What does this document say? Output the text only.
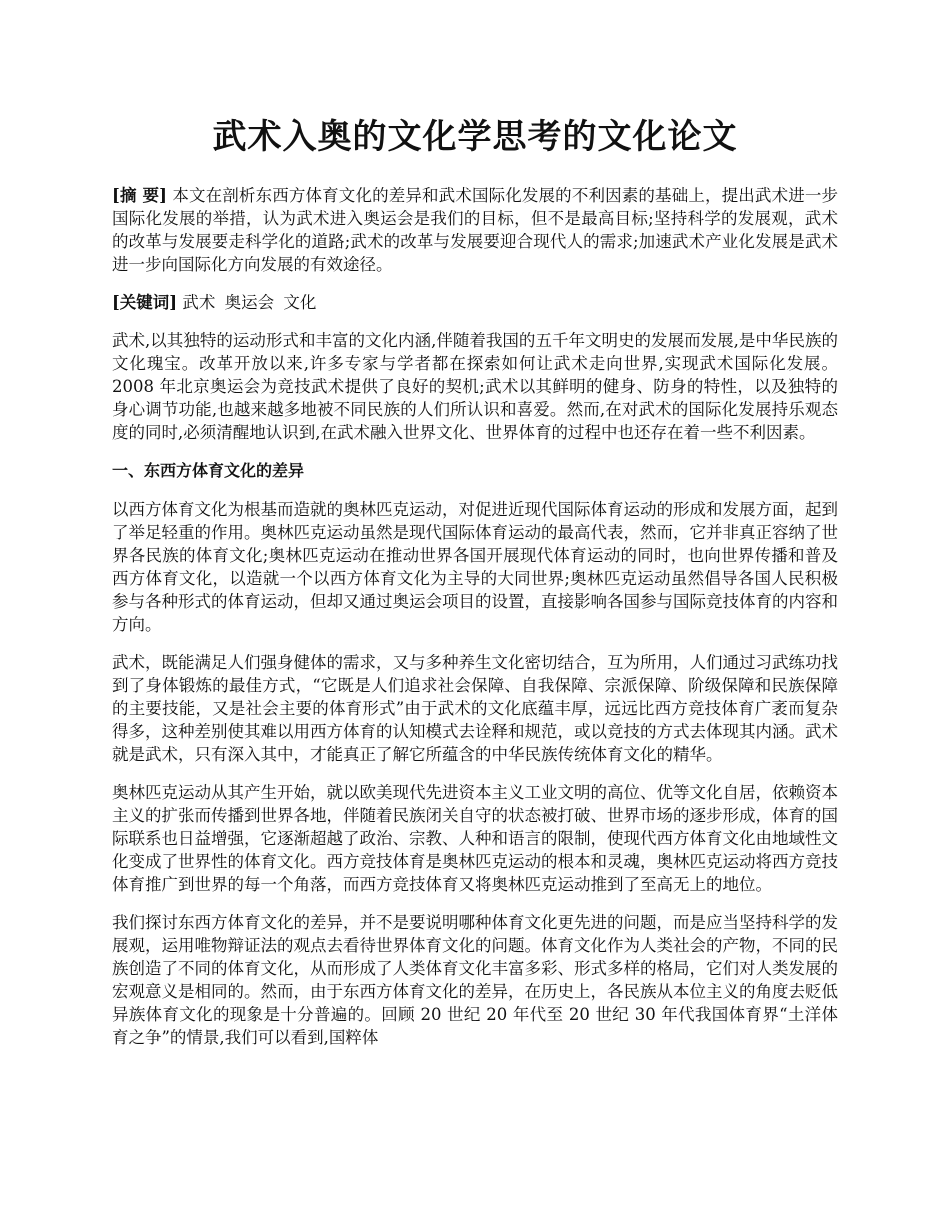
武术入奥的文化学思考的文化论文

[摘 要] 本文在剖析东西方体育文化的差异和武术国际化发展的不利因素的基础上，提出武术进一步国际化发展的举措，认为武术进入奥运会是我们的目标，但不是最高目标;坚持科学的发展观，武术的改革与发展要走科学化的道路;武术的改革与发展要迎合现代人的需求;加速武术产业化发展是武术进一步向国际化方向发展的有效途径。

[关键词] 武术 奥运会 文化

武术,以其独特的运动形式和丰富的文化内涵,伴随着我国的五千年文明史的发展而发展,是中华民族的文化瑰宝。改革开放以来,许多专家与学者都在探索如何让武术走向世界,实现武术国际化发展。2008 年北京奥运会为竞技武术提供了良好的契机;武术以其鲜明的健身、防身的特性，以及独特的身心调节功能,也越来越多地被不同民族的人们所认识和喜爱。然而,在对武术的国际化发展持乐观态度的同时,必须清醒地认识到,在武术融入世界文化、世界体育的过程中也还存在着一些不利因素。

一、东西方体育文化的差异

以西方体育文化为根基而造就的奥林匹克运动，对促进近现代国际体育运动的形成和发展方面，起到了举足轻重的作用。奥林匹克运动虽然是现代国际体育运动的最高代表，然而，它并非真正容纳了世界各民族的体育文化;奥林匹克运动在推动世界各国开展现代体育运动的同时，也向世界传播和普及西方体育文化，以造就一个以西方体育文化为主导的大同世界;奥林匹克运动虽然倡导各国人民积极参与各种形式的体育运动，但却又通过奥运会项目的设置，直接影响各国参与国际竞技体育的内容和方向。

武术，既能满足人们强身健体的需求，又与多种养生文化密切结合，互为所用，人们通过习武练功找到了身体锻炼的最佳方式，“它既是人们追求社会保障、自我保障、宗派保障、阶级保障和民族保障的主要技能，又是社会主要的体育形式”由于武术的文化底蕴丰厚，远远比西方竞技体育广袤而复杂得多，这种差别使其难以用西方体育的认知模式去诠释和规范，或以竞技的方式去体现其内涵。武术就是武术，只有深入其中，才能真正了解它所蕴含的中华民族传统体育文化的精华。

奥林匹克运动从其产生开始，就以欧美现代先进资本主义工业文明的高位、优等文化自居，依赖资本主义的扩张而传播到世界各地，伴随着民族闭关自守的状态被打破、世界市场的逐步形成，体育的国际联系也日益增强，它逐渐超越了政治、宗教、人种和语言的限制，使现代西方体育文化由地域性文化变成了世界性的体育文化。西方竞技体育是奥林匹克运动的根本和灵魂，奥林匹克运动将西方竞技体育推广到世界的每一个角落，而西方竞技体育又将奥林匹克运动推到了至高无上的地位。

我们探讨东西方体育文化的差异，并不是要说明哪种体育文化更先进的问题，而是应当坚持科学的发展观，运用唯物辩证法的观点去看待世界体育文化的问题。体育文化作为人类社会的产物，不同的民族创造了不同的体育文化，从而形成了人类体育文化丰富多彩、形式多样的格局，它们对人类发展的宏观意义是相同的。然而，由于东西方体育文化的差异，在历史上，各民族从本位主义的角度去贬低异族体育文化的现象是十分普遍的。回顾 20 世纪 20 年代至 20 世纪 30 年代我国体育界“土洋体育之争”的情景,我们可以看到,国粹体
